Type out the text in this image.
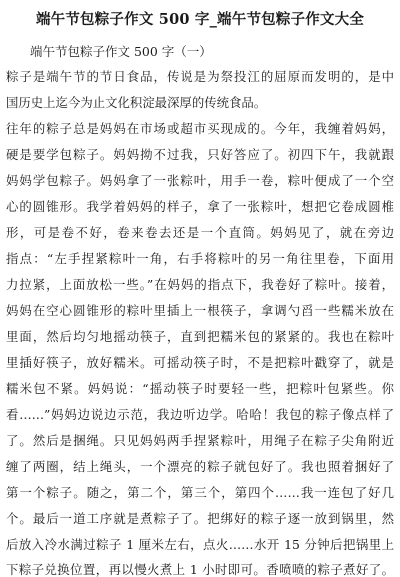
端午节包粽子作文 500 字_端午节包粽子作文大全
端午节包粽子作文 500 字（一）
粽子是端午节的节日食品，传说是为祭投江的屈原而发明的，是中
国历史上迄今为止文化积淀最深厚的传统食品。
往年的粽子总是妈妈在市场或超市买现成的。今年，我缠着妈妈，
硬是要学包粽子。妈妈拗不过我，只好答应了。初四下午，我就跟
妈妈学包粽子。妈妈拿了一张粽叶，用手一卷，粽叶便成了一个空
心的圆锥形。我学着妈妈的样子，拿了一张粽叶，想把它卷成圆椎
形，可是卷不好，卷来卷去还是一个直筒。妈妈见了，就在旁边
指点：“左手捏紧粽叶一角，右手将粽叶的另一角往里卷，下面用
力拉紧，上面放松一些。”在妈妈的指点下，我卷好了粽叶。接着，
妈妈在空心圆锥形的粽叶里插上一根筷子，拿调勺舀一些糯米放在
里面，然后均匀地摇动筷子，直到把糯米包的紧紧的。我也在粽叶
里插好筷子，放好糯米。可摇动筷子时，不是把粽叶戳穿了，就是
糯米包不紧。妈妈说：“摇动筷子时要轻一些，把粽叶包紧些。你
看……”妈妈边说边示范，我边听边学。哈哈！我包的粽子像点样了
了。然后是捆绳。只见妈妈两手捏紧粽叶，用绳子在粽子尖角附近
缠了两圈，结上绳头，一个漂亮的粽子就包好了。我也照着捆好了
第一个粽子。随之，第二个，第三个，第四个……我一连包了好几
个。最后一道工序就是煮粽子了。把绑好的粽子逐一放到锅里，然
后放入冷水满过粽子 1 厘米左右，点火……水开 15 分钟后把锅里上
下粽子兑换位置，再以慢火煮上 1 小时即可。香喷喷的粽子煮好了。
